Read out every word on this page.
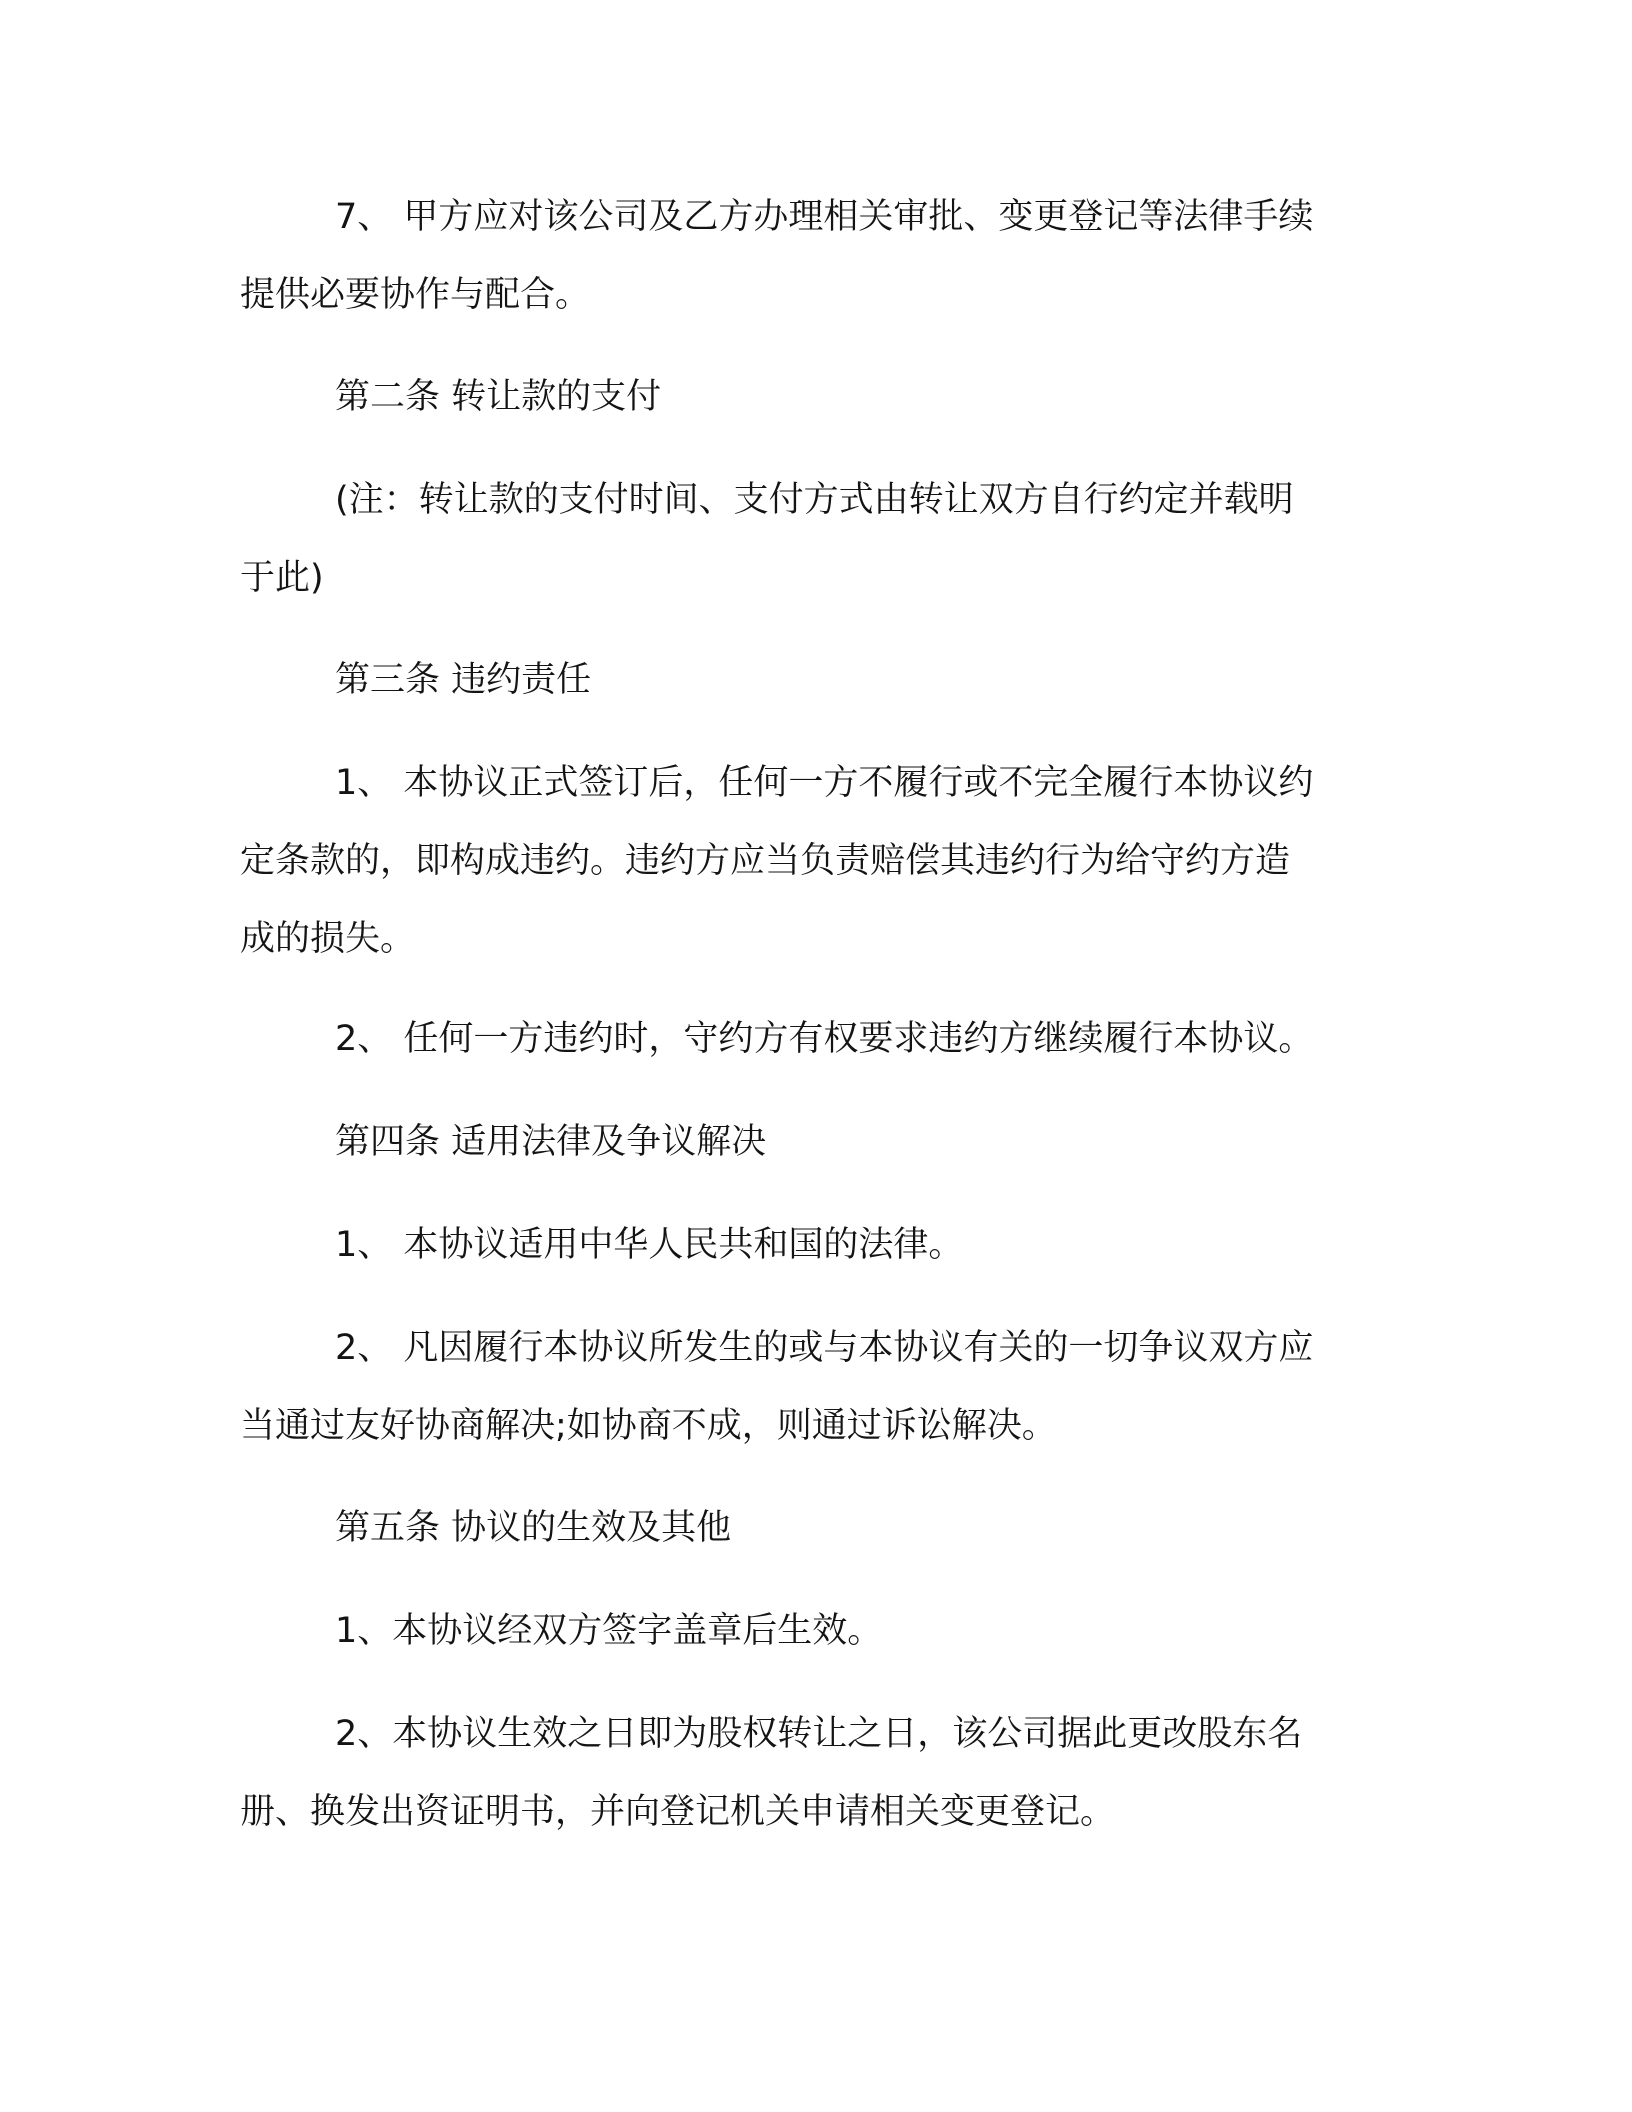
7、 甲方应对该公司及乙方办理相关审批、变更登记等法律手续
提供必要协作与配合。
第二条 转让款的支付
(注：转让款的支付时间、支付方式由转让双方自行约定并载明
于此)
第三条 违约责任
1、 本协议正式签订后，任何一方不履行或不完全履行本协议约
定条款的，即构成违约。违约方应当负责赔偿其违约行为给守约方造
成的损失。
2、 任何一方违约时，守约方有权要求违约方继续履行本协议。
第四条 适用法律及争议解决
1、 本协议适用中华人民共和国的法律。
2、 凡因履行本协议所发生的或与本协议有关的一切争议双方应
当通过友好协商解决;如协商不成，则通过诉讼解决。
第五条 协议的生效及其他
1、本协议经双方签字盖章后生效。
2、本协议生效之日即为股权转让之日，该公司据此更改股东名
册、换发出资证明书，并向登记机关申请相关变更登记。
